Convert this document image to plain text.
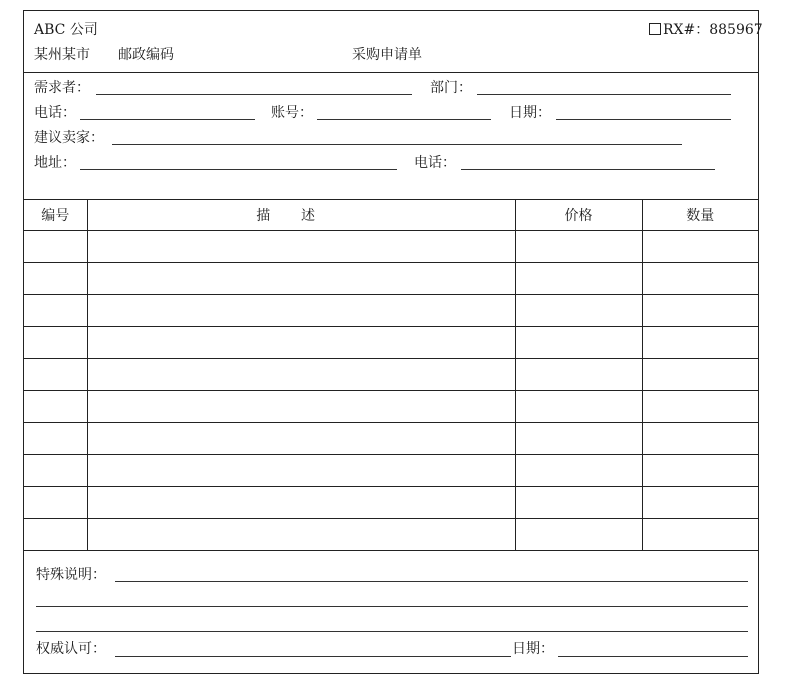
ABC 公司	RX#：885967
某州某市 邮政编码	采购申请单
需求者：	部门：
电话：	账号：	日期：
建议卖家：
地址：	电话：
编号	描述	价格	数量

特殊说明：
权威认可：	日期：
